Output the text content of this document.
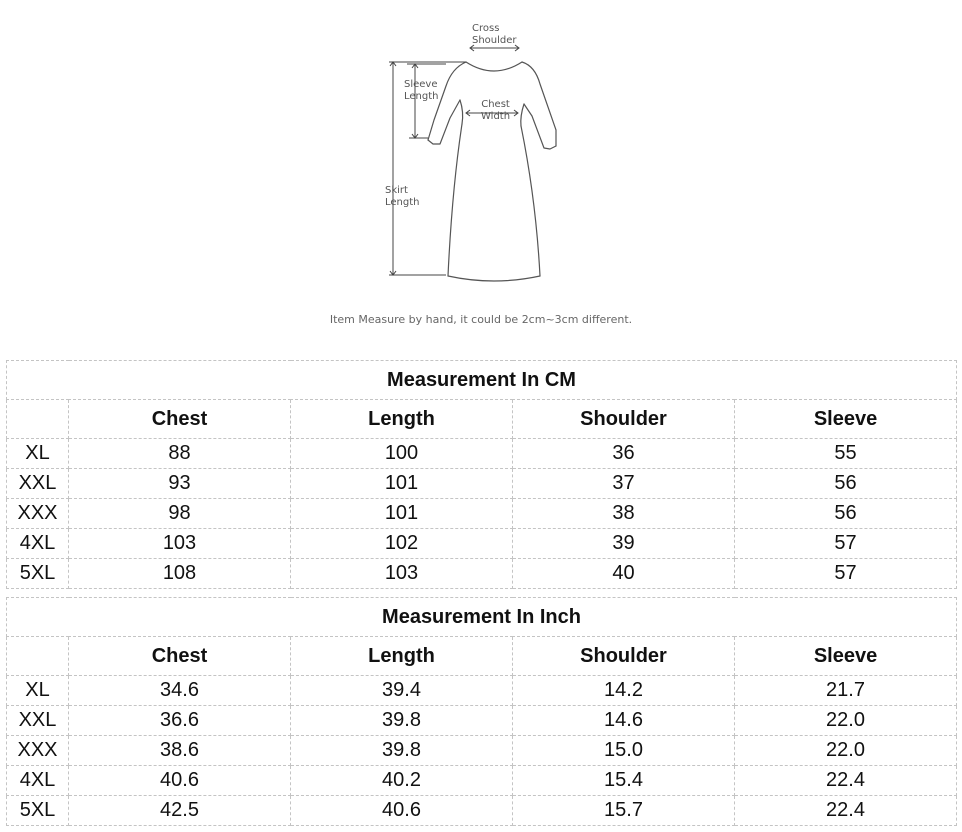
Cross
Shoulder
Sleeve
Length
Chest
Width
Skirt
Length
Item Measure by hand, it could be 2cm~3cm different.
Measurement In CM				
	Chest	Length	Shoulder	Sleeve
XL	88	100	36	55
XXL	93	101	37	56
XXX	98	101	38	56
4XL	103	102	39	57
5XL	108	103	40	57
Measurement In Inch				
	Chest	Length	Shoulder	Sleeve
XL	34.6	39.4	14.2	21.7
XXL	36.6	39.8	14.6	22.0
XXX	38.6	39.8	15.0	22.0
4XL	40.6	40.2	15.4	22.4
5XL	42.5	40.6	15.7	22.4
